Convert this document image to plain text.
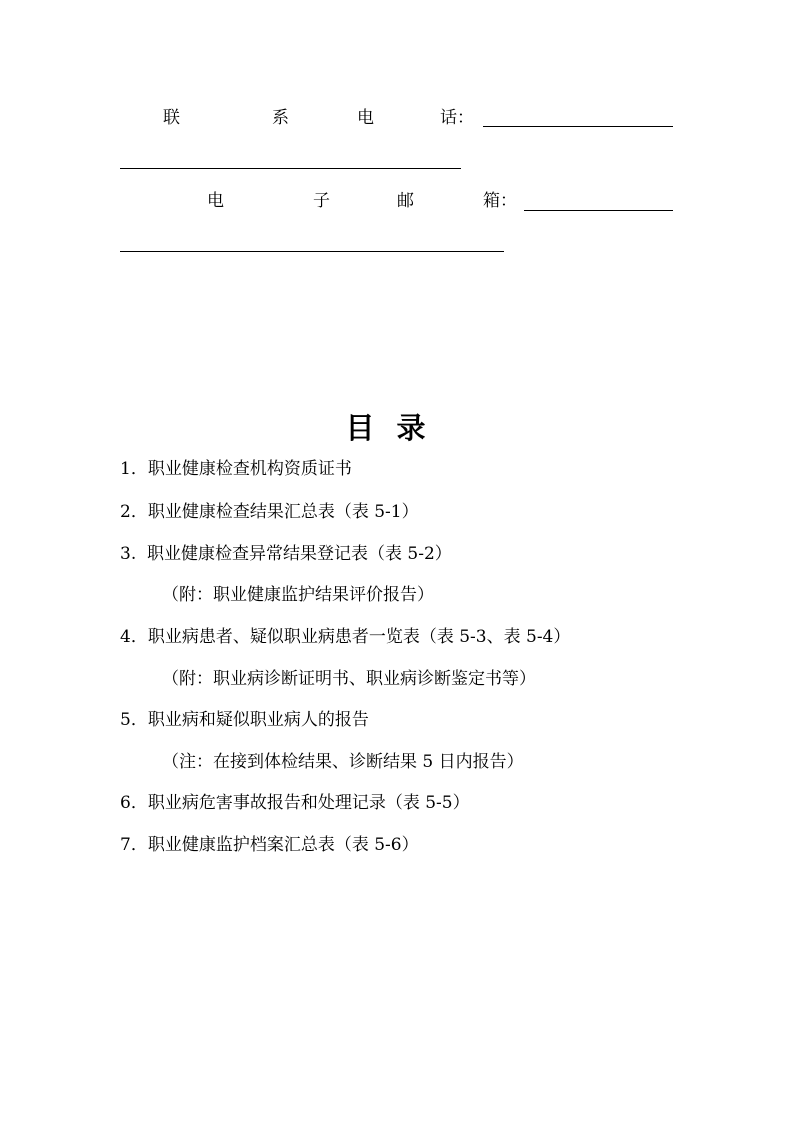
联	系	电	话：
电	子	邮	箱：
目录
1．职业健康检查机构资质证书
2．职业健康检查结果汇总表（表 5-1）
3.  职业健康检查异常结果登记表（表 5-2）
（附：职业健康监护结果评价报告）
4．职业病患者、疑似职业病患者一览表（表 5-3、表 5-4）
（附：职业病诊断证明书、职业病诊断鉴定书等）
5．职业病和疑似职业病人的报告
（注：在接到体检结果、诊断结果 5 日内报告）
6．职业病危害事故报告和处理记录（表 5-5）
7．职业健康监护档案汇总表（表 5-6）
